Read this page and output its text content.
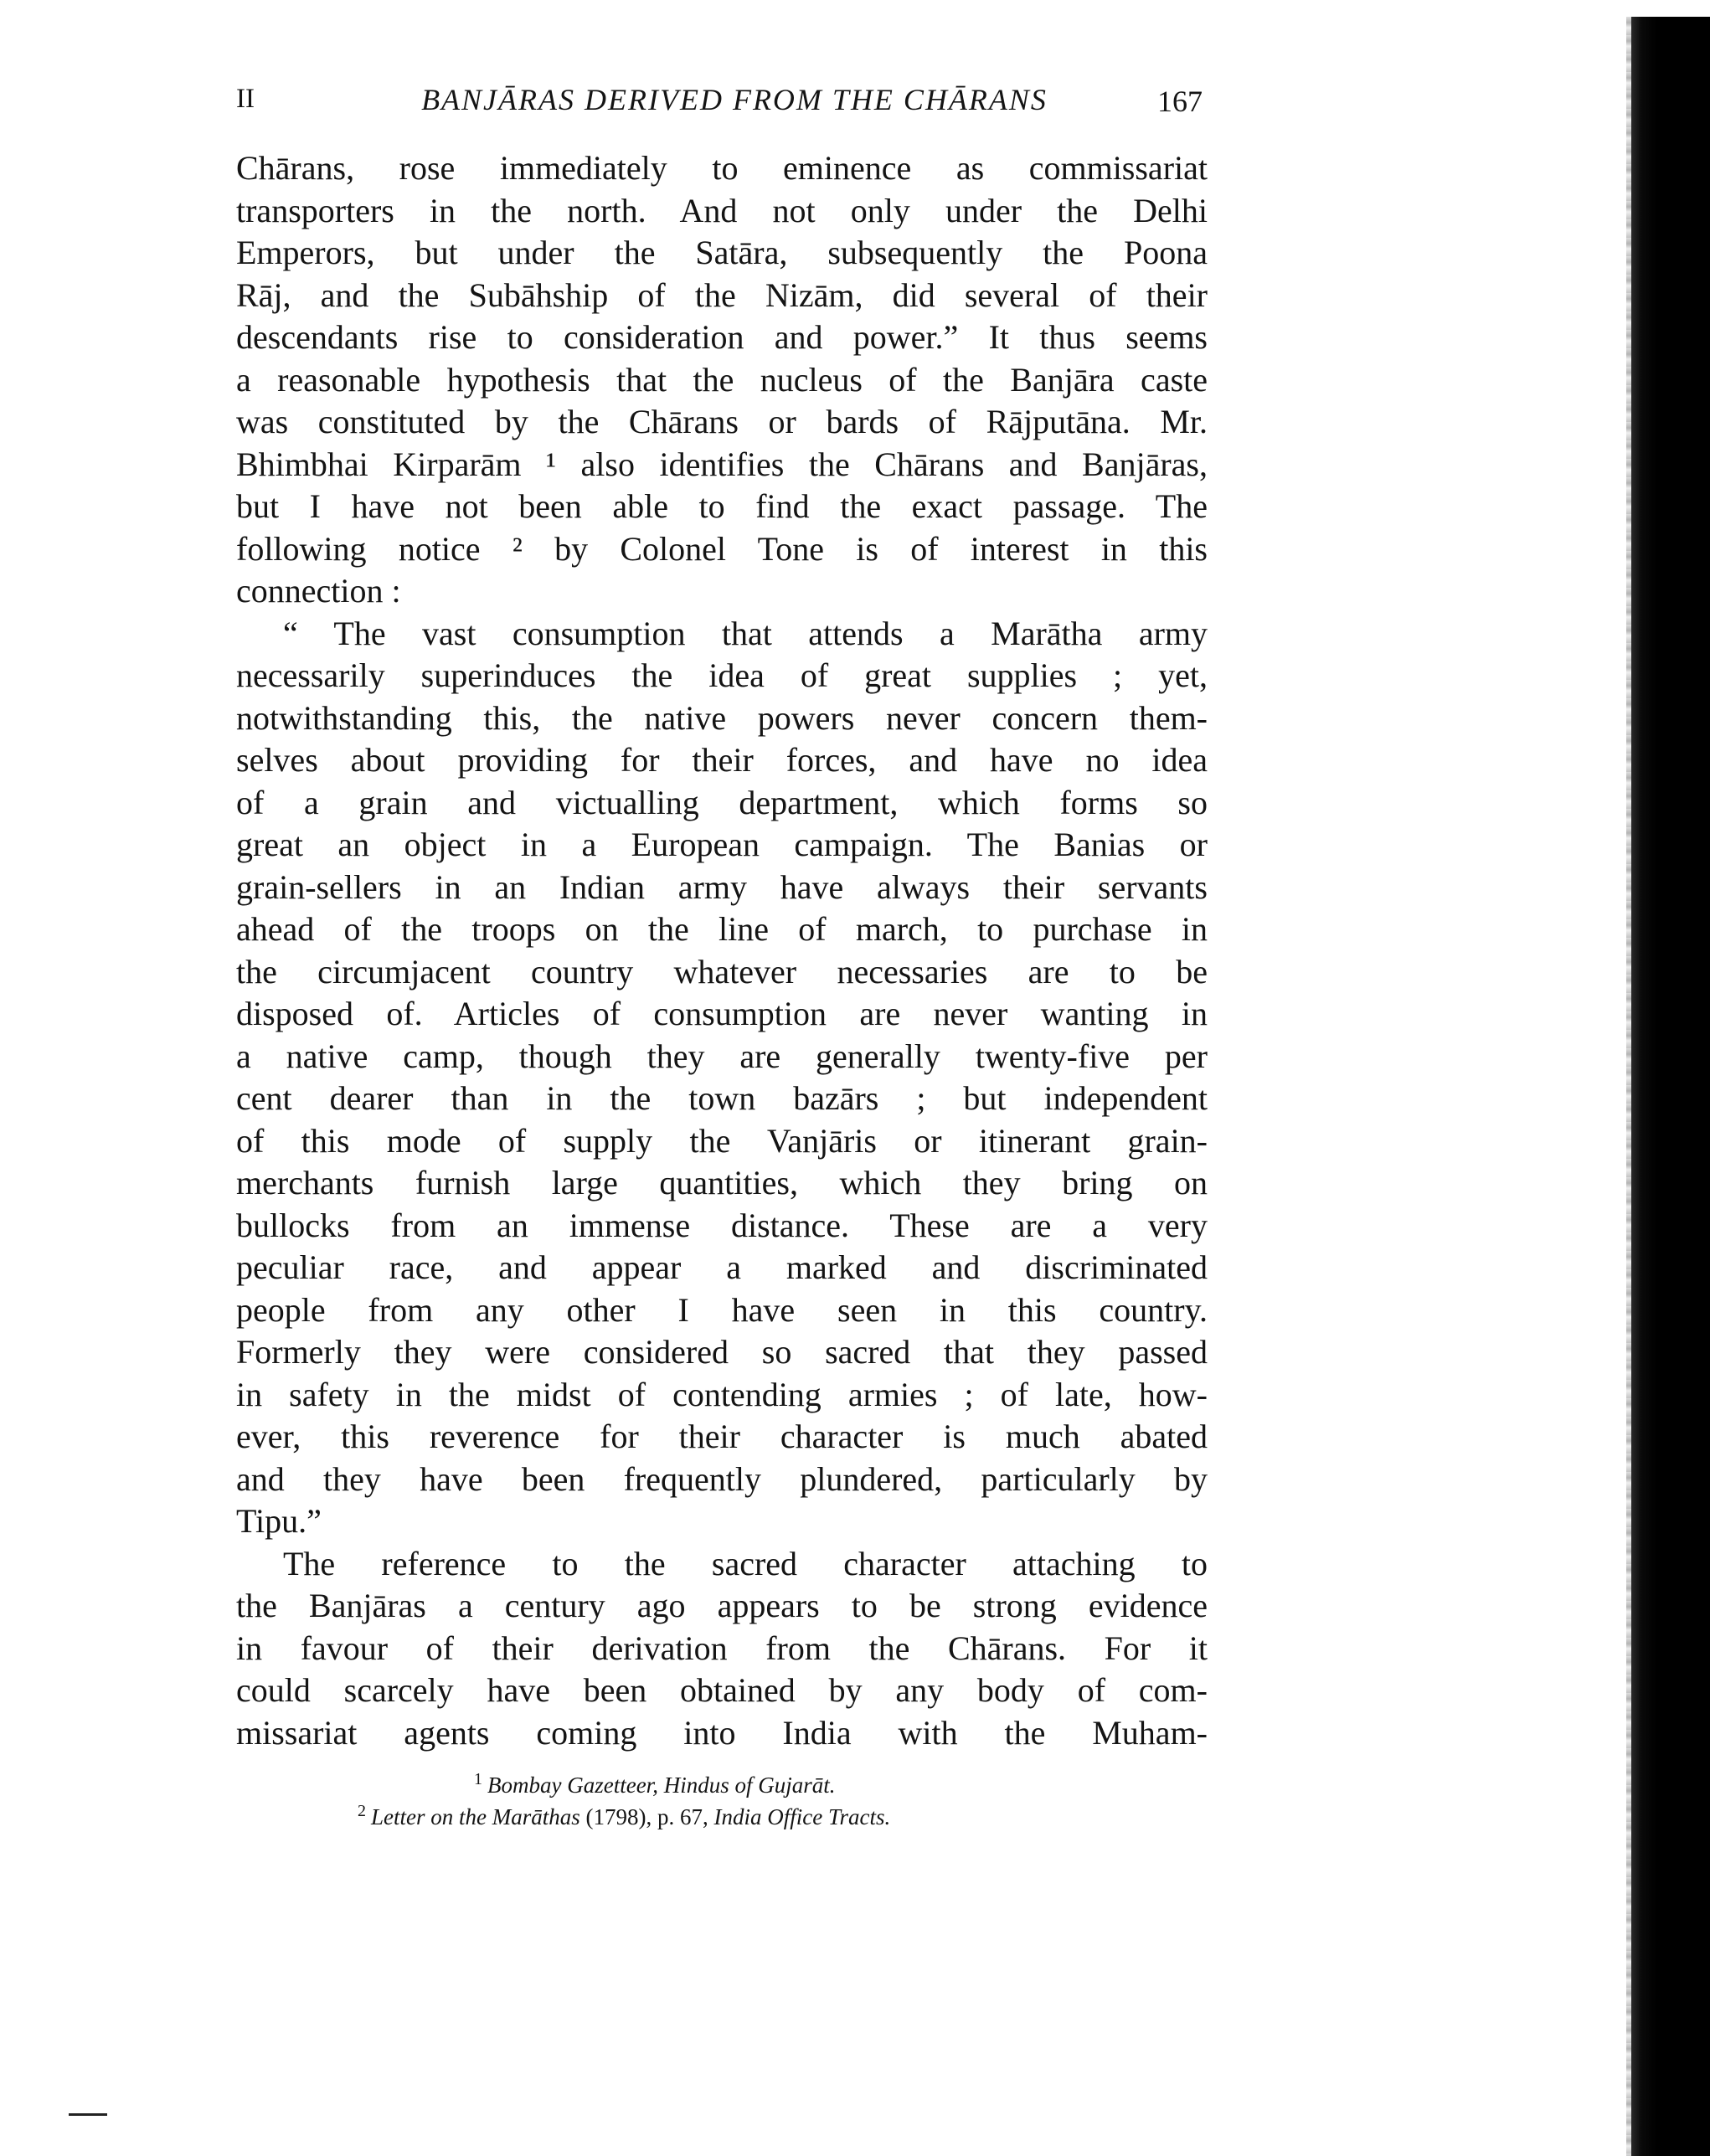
II	BANJĀRAS DERIVED FROM THE CHĀRANS	167
Chārans, rose immediately to eminence as commissariat
transporters in the north. And not only under the Delhi
Emperors, but under the Satāra, subsequently the Poona
Rāj, and the Subāhship of the Nizām, did several of their
descendants rise to consideration and power.” It thus seems
a reasonable hypothesis that the nucleus of the Banjāra caste
was constituted by the Chārans or bards of Rājputāna. Mr.
Bhimbhai Kirparām ¹ also identifies the Chārans and Banjāras,
but I have not been able to find the exact passage. The
following notice ² by Colonel Tone is of interest in this
connection :
“ The vast consumption that attends a Marātha army
necessarily superinduces the idea of great supplies ; yet,
notwithstanding this, the native powers never concern them-
selves about providing for their forces, and have no idea
of a grain and victualling department, which forms so
great an object in a European campaign. The Banias or
grain-sellers in an Indian army have always their servants
ahead of the troops on the line of march, to purchase in
the circumjacent country whatever necessaries are to be
disposed of. Articles of consumption are never wanting in
a native camp, though they are generally twenty-five per
cent dearer than in the town bazārs ; but independent
of this mode of supply the Vanjāris or itinerant grain-
merchants furnish large quantities, which they bring on
bullocks from an immense distance. These are a very
peculiar race, and appear a marked and discriminated
people from any other I have seen in this country.
Formerly they were considered so sacred that they passed
in safety in the midst of contending armies ; of late, how-
ever, this reverence for their character is much abated
and they have been frequently plundered, particularly by
Tipu.”
The reference to the sacred character attaching to
the Banjāras a century ago appears to be strong evidence
in favour of their derivation from the Chārans. For it
could scarcely have been obtained by any body of com-
missariat agents coming into India with the Muham-
$^1$ Bombay Gazetteer, Hindus of Gujarāt.
$^2$ Letter on the Marāthas (1798), p. 67, India Office Tracts.
